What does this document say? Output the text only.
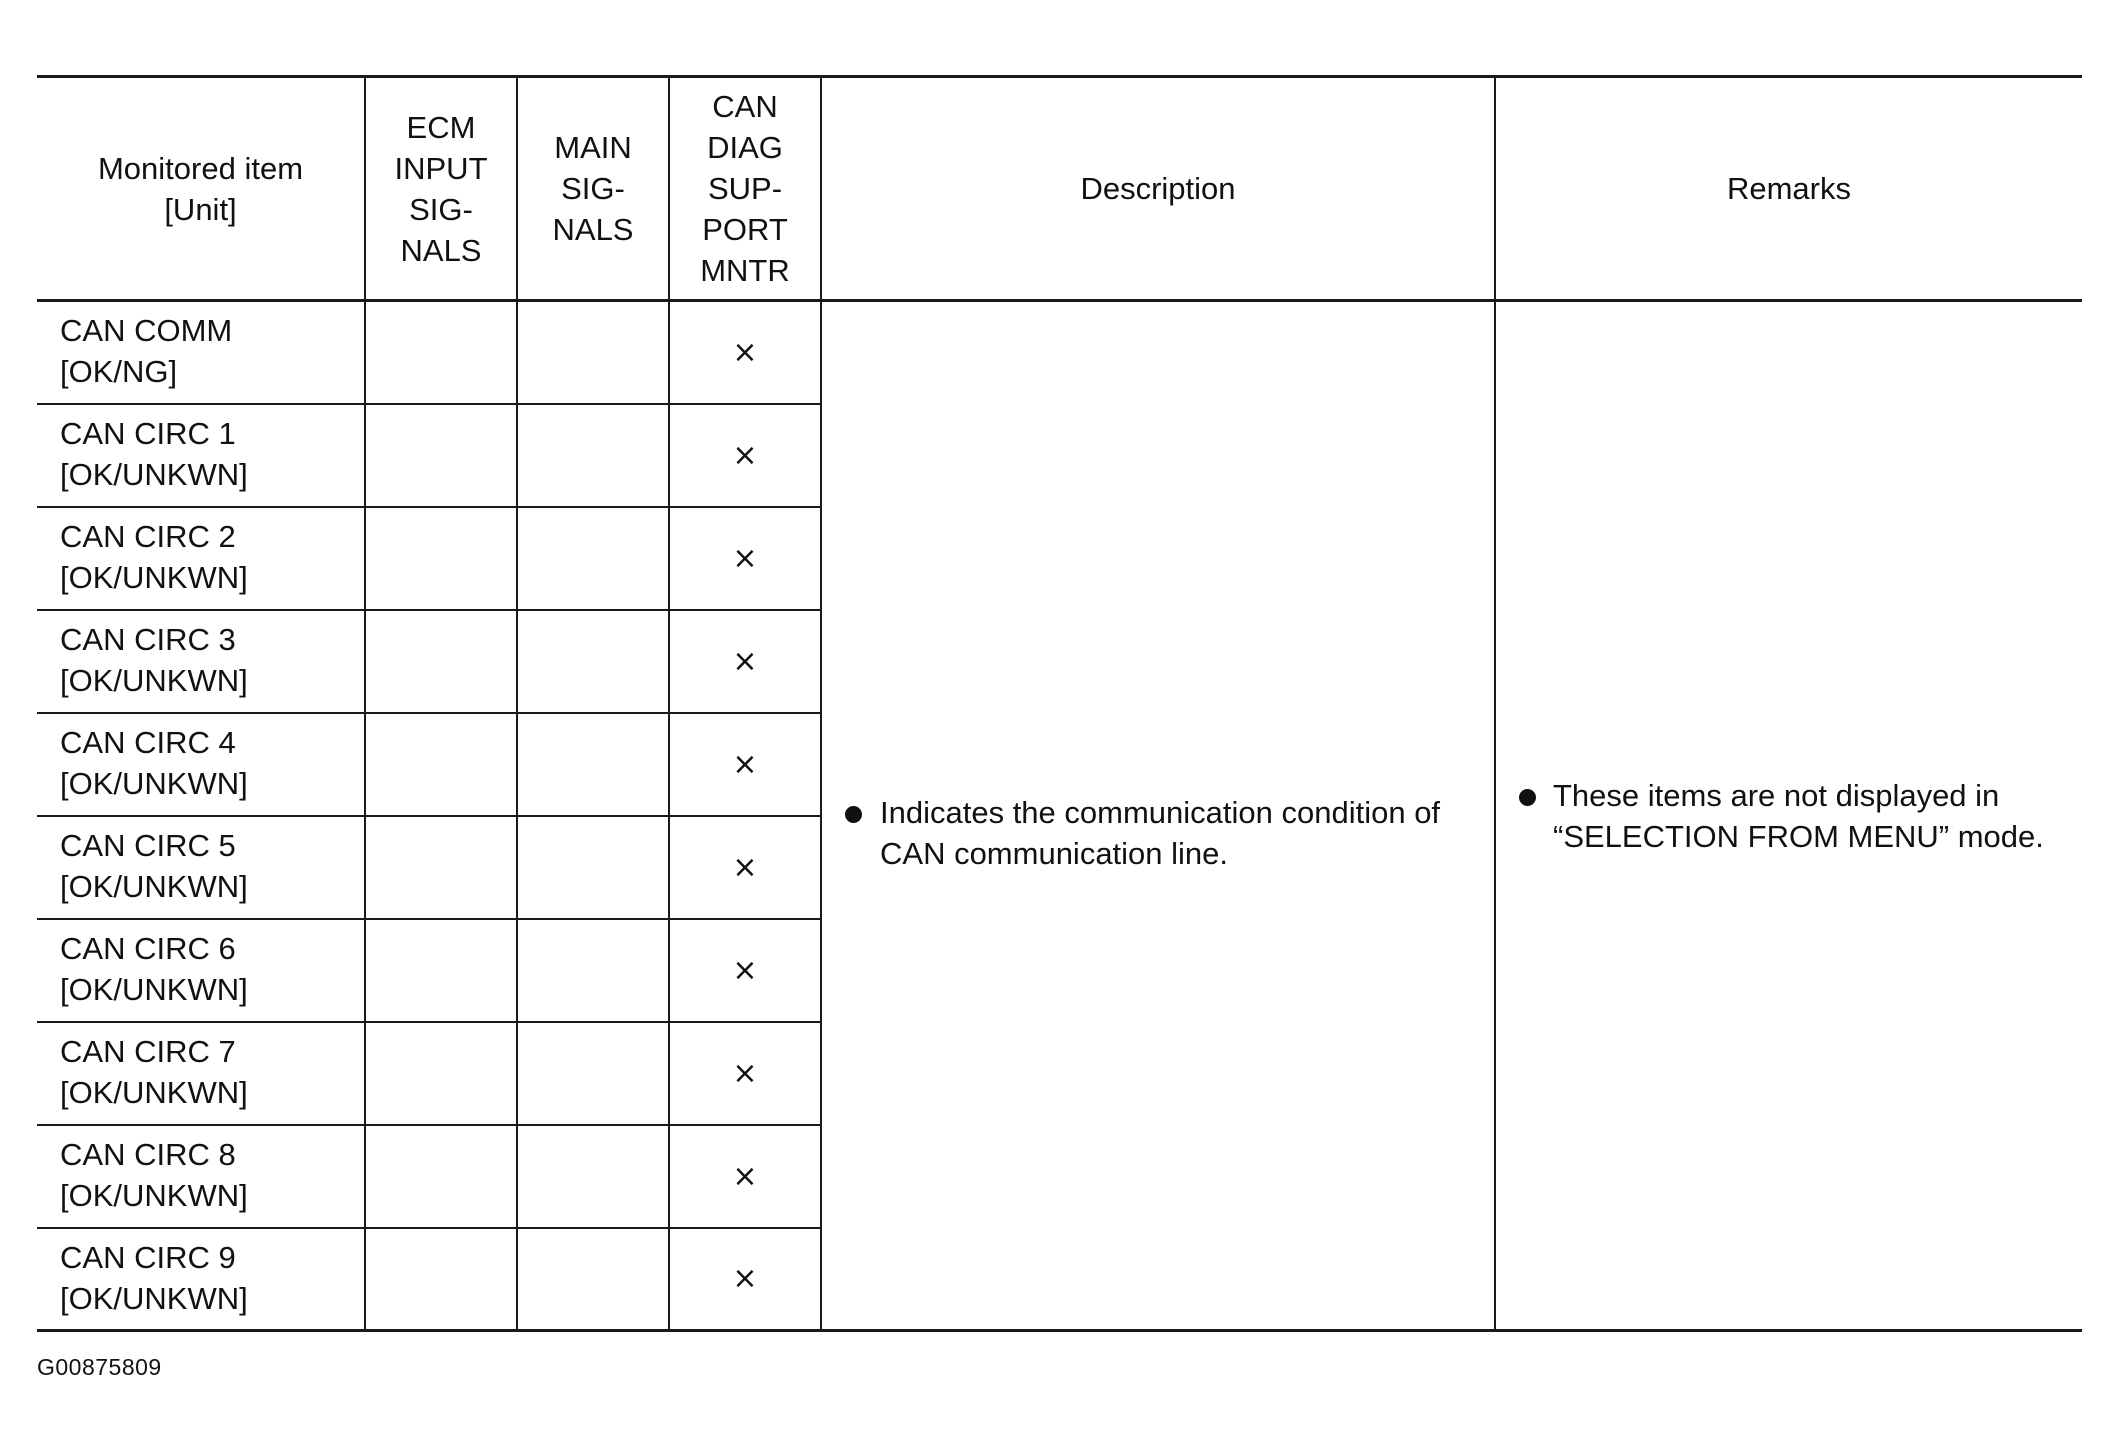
Monitored item
[Unit]	ECM
INPUT
SIG-
NALS	MAIN
SIG-
NALS	CAN
DIAG
SUP-
PORT
MNTR	Description	Remarks

CAN COMM
[OK/NG]			×	Indicates the communication condition of CAN communication line.	These items are not displayed in “SELECTION FROM MENU” mode.

CAN CIRC 1
[OK/UNKWN]			×		

CAN CIRC 2
[OK/UNKWN]			×		

CAN CIRC 3
[OK/UNKWN]			×		

CAN CIRC 4
[OK/UNKWN]			×		

CAN CIRC 5
[OK/UNKWN]			×		

CAN CIRC 6
[OK/UNKWN]			×		

CAN CIRC 7
[OK/UNKWN]			×		

CAN CIRC 8
[OK/UNKWN]			×		

CAN CIRC 9
[OK/UNKWN]			×		
G00875809
